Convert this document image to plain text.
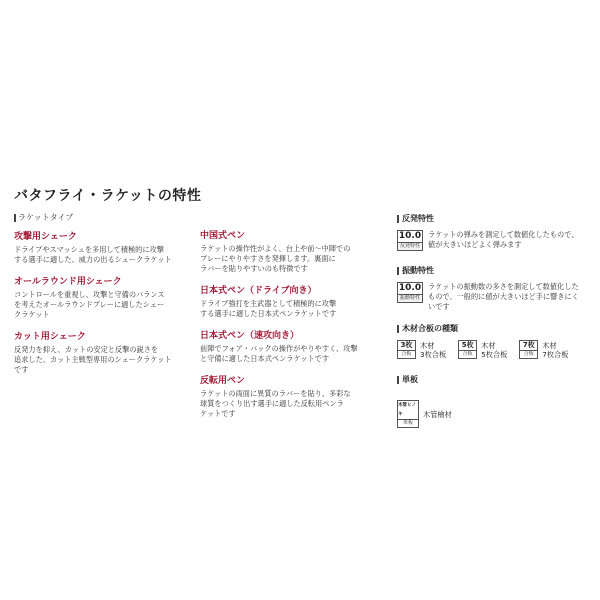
バタフライ・ラケットの特性
ラケットタイプ
攻撃用シェーク
ドライブやスマッシュを多用して積極的に攻撃
する選手に適した、威力の出るシェークラケット
オールラウンド用シェーク
コントロールを重視し、攻撃と守備のバランス
を考えたオールラウンドプレーに適したシェー
クラケット
カット用シェーク
反発力を抑え、カットの安定と反撃の鋭さを
追求した、カット主戦型専用のシェークラケット
です
中国式ペン
ラケットの操作性がよく、台上や前〜中陣での
プレーにやりやすさを発揮します。裏面に
ラバーを貼りやすいのも特徴です
日本式ペン（ドライブ向き）
ドライブ強打を主武器として積極的に攻撃
する選手に適した日本式ペンラケットです
日本式ペン（速攻向き）
前陣でフォア・バックの操作がやりやすく、攻撃
と守備に適した日本式ペンラケットです
反転用ペン
ラケットの両面に異質のラバーを貼り、多彩な
球質をつくり出す選手に適した反転用ペンラ
ケットです
反発特性
10.0
反発特性
ラケットの弾みを測定して数値化したもので、
値が大きいほどよく弾みます
振動特性
10.0
振動特性
ラケットの振動数の多さを測定して数値化した
もので、一般的に値が大きいほど手に響きにく
いです
木材合板の種類
3枚
合板
木材
3枚合板
5枚
合板
木材
5枚合板
7枚
合板
木材
7枚合板
単板
木管ヒノキ
単板
木管檜材
